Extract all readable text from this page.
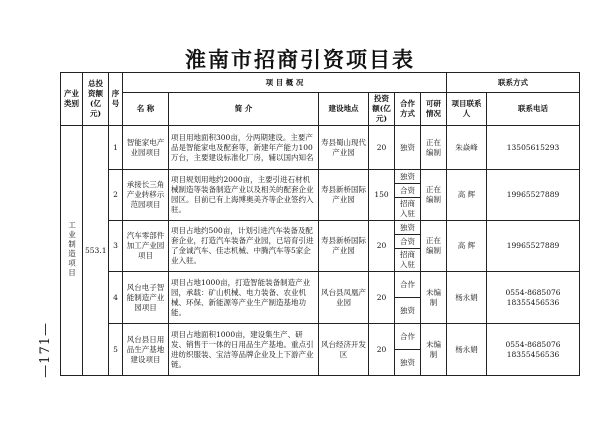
—171—
淮南市招商引资项目表
产业类别	总投资额(亿元)	序号	项 目 概 况						联系方式	
			名 称	简 介	建设地点	投资额(亿元)	合作方式	可研情况	项目联系人	联系电话
工业制造项目	553.1	1	智能家电产业园项目	项目用地面积300亩，分两期建设。主要产品是智能家电及配套等，新建年产能力100万台，主要建设标准化厂房，辅以国内知名	寿县蜀山现代产业园	20	独资	正在编制	朱焱峰	13505615293
		2	承接长三角产业转移示范园项目	项目规划用地约2000亩，主要引进石材机械制造等装备制造产业以及相关的配套企业园区。目前已有上海博奥美齐等企业签约入驻。	寿县新桥国际产业园	150	独资	正在编制	高 辉	19965527889
							合资			
							招商入驻			
		3	汽车零部件加工产业园项目	项目占地约500亩，计划引进汽车装备及配套企业，打造汽车装备产业园，已培育引进了金诚汽车、佳志机械、中腾汽车等5家企业入驻。	寿县新桥国际产业园	20	独资	正在编制	高 辉	19965527889
							合资			
							招商入驻			
		4	风台电子智能制造产业园项目	项目占地1000亩，打造智能装备制造产业园，承载：矿山机械、电力装备、农业机械、环保、新能源等产业生产制造基地功能。	风台县凤凰产业园	20	合作	未编制	杨永娟	0554-8685076 18355456536
							独资			
		5	风台县日用品生产基地建设项目	项目占地面积1000亩，建设集生产、研发、销售于一体的日用品生产基地。重点引进纺织服装、宝洁等品牌企业及上下游产业链。	风台经济开发区	20	合作	未编制	杨永娟	0554-8685076 18355456536
							独资			
